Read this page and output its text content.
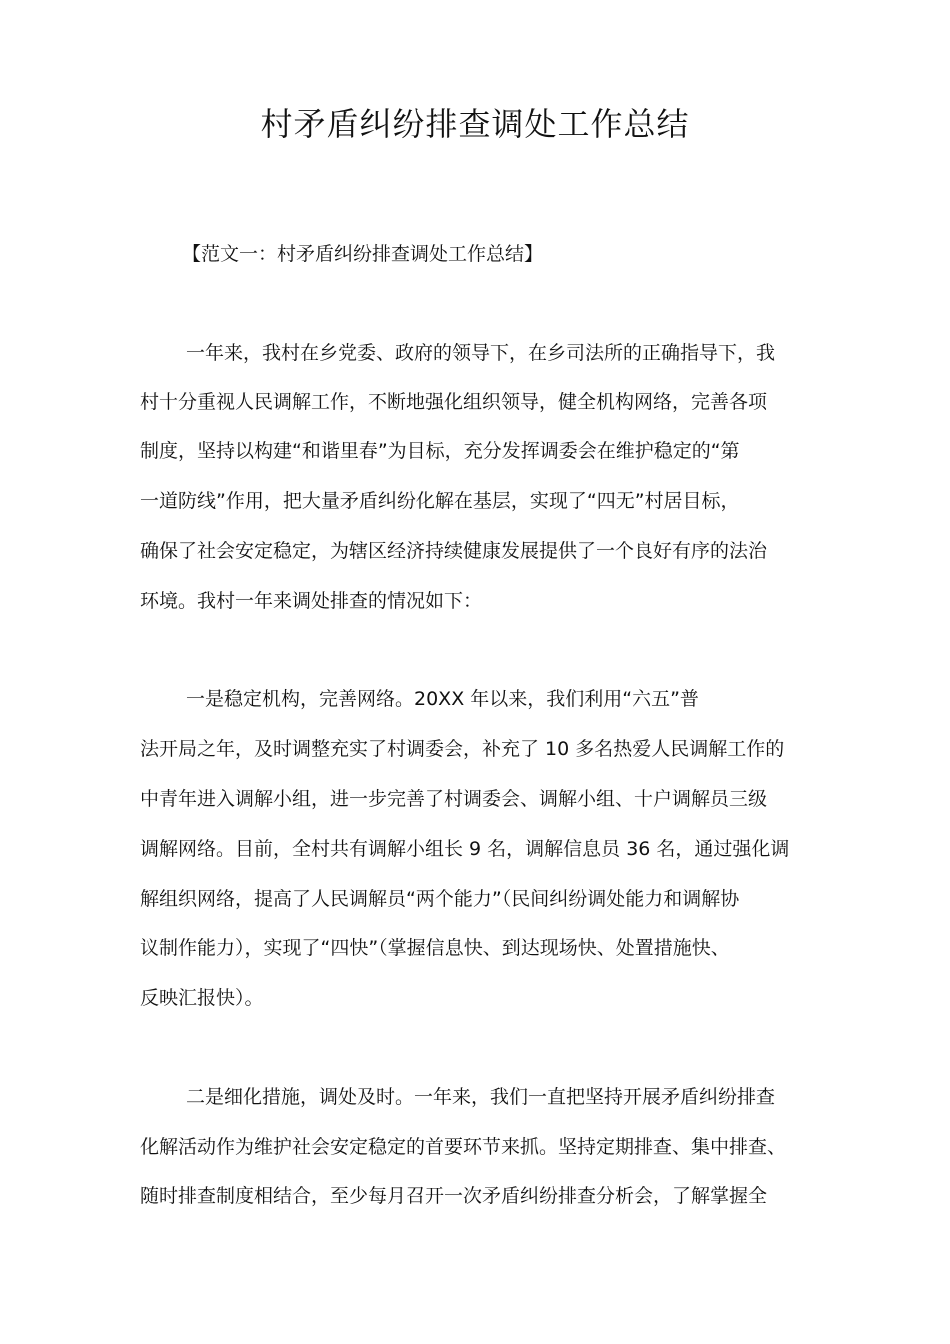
村矛盾纠纷排查调处工作总结

【范文一：村矛盾纠纷排查调处工作总结】

一年来，我村在乡党委、政府的领导下，在乡司法所的正确指导下，我

村十分重视人民调解工作，不断地强化组织领导，健全机构网络，完善各项

制度，坚持以构建“和谐里春”为目标，充分发挥调委会在维护稳定的“第

一道防线”作用，把大量矛盾纠纷化解在基层，实现了“四无”村居目标，

确保了社会安定稳定，为辖区经济持续健康发展提供了一个良好有序的法治

环境。我村一年来调处排查的情况如下：

一是稳定机构，完善网络。20XX 年以来，我们利用“六五”普

法开局之年，及时调整充实了村调委会，补充了 10 多名热爱人民调解工作的

中青年进入调解小组，进一步完善了村调委会、调解小组、十户调解员三级

调解网络。目前，全村共有调解小组长 9 名，调解信息员 36 名，通过强化调

解组织网络，提高了人民调解员“两个能力”（民间纠纷调处能力和调解协

议制作能力），实现了“四快”（掌握信息快、到达现场快、处置措施快、

反映汇报快）。

二是细化措施，调处及时。一年来，我们一直把坚持开展矛盾纠纷排查

化解活动作为维护社会安定稳定的首要环节来抓。坚持定期排查、集中排查、

随时排查制度相结合，至少每月召开一次矛盾纠纷排查分析会，了解掌握全
